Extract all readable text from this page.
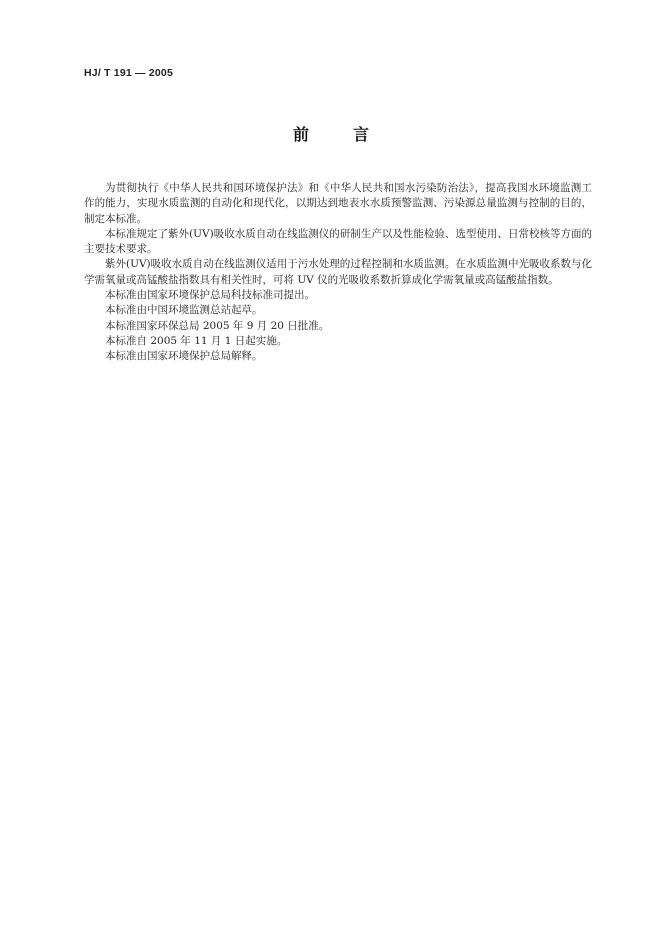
HJ/ T 191 — 2005
前言

为贯彻执行《中华人民共和国环境保护法》和《中华人民共和国水污染防治法》，提高我国水环境监测工作的能力，实现水质监测的自动化和现代化，以期达到地表水水质预警监测、污染源总量监测与控制的目的，制定本标准。

本标准规定了紫外(UV)吸收水质自动在线监测仪的研制生产以及性能检验、选型使用、日常校核等方面的主要技术要求。

紫外(UV)吸收水质自动在线监测仪适用于污水处理的过程控制和水质监测。在水质监测中光吸收系数与化学需氧量或高锰酸盐指数具有相关性时，可将 UV 仪的光吸收系数折算成化学需氧量或高锰酸盐指数。

本标准由国家环境保护总局科技标准司提出。

本标准由中国环境监测总站起草。

本标准国家环保总局 2005 年 9 月 20 日批准。

本标准自 2005 年 11 月 1 日起实施。

本标准由国家环境保护总局解释。
